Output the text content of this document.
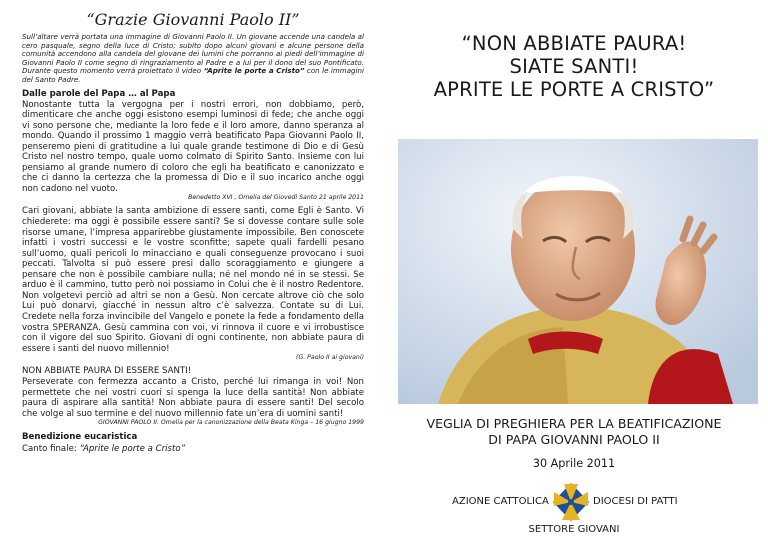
“Grazie Giovanni Paolo II”

Sull’altare verrà portata una immagine di Giovanni Paolo II. Un giovane accende una candela al cero pasquale, segno della luce di Cristo; subito dopo alcuni giovani e alcune persone della comunità accendono alla candela del giovane dei lumini che porranno ai piedi dell’immagine di Giovanni Paolo II come segno di ringraziamento al Padre e a lui per il dono del suo Pontificato. Durante questo momento verrà proiettato il video “Aprite le porte a Cristo” con le immagini del Santo Padre.

Dalle parole del Papa … al Papa

Nonostante tutta la vergogna per i nostri errori, non dobbiamo, però, dimenticare che anche oggi esistono esempi luminosi di fede; che anche oggi vi sono persone che, mediante la loro fede e il loro amore, danno speranza al mondo. Quando il prossimo 1 maggio verrà beatificato Papa Giovanni Paolo II, penseremo pieni di gratitudine a lui quale grande testimone di Dio e di Gesù Cristo nel nostro tempo, quale uomo colmato di Spirito Santo. Insieme con lui pensiamo al grande numero di coloro che egli ha beatificato e canonizzato e che ci danno la certezza che la promessa di Dio e il suo incarico anche oggi non cadono nel vuoto.

Benedetto XVI , Omelia del Giovedì Santo 21 aprile 2011

Cari giovani, abbiate la santa ambizione di essere santi, come Egli è Santo. Vi chiederete: ma oggi è possibile essere santi? Se si dovesse contare sulle sole risorse umane, l’impresa apparirebbe giustamente impossibile. Ben conoscete infatti i vostri successi e le vostre sconfitte; sapete quali fardelli pesano sull’uomo, quali pericoli lo minacciano e quali conseguenze provocano i suoi peccati. Talvolta si può essere presi dallo scoraggiamento e giungere a pensare che non è possibile cambiare nulla; né nel mondo né in se stessi. Se arduo è il cammino, tutto però noi possiamo in Colui che è il nostro Redentore. Non volgetevi perciò ad altri se non a Gesù. Non cercate altrove ciò che solo Lui può donarvi, giacché in nessun altro c’è salvezza. Contate su di Lui. Credete nella forza invincibile del Vangelo e ponete la fede a fondamento della vostra SPERANZA. Gesù cammina con voi, vi rinnova il cuore e vi irrobustisce con il vigore del suo Spirito. Giovani di ogni continente, non abbiate paura di essere i santi del nuovo millennio!

(G. Paolo II ai giovani)

NON ABBIATE PAURA DI ESSERE SANTI!

Perseverate con fermezza accanto a Cristo, perché lui rimanga in voi! Non permettete che nei vostri cuori si spenga la luce della santità! Non abbiate paura di aspirare alla santità! Non abbiate paura di essere santi! Del secolo che volge al suo termine e del nuovo millennio fate un’era di uomini santi!

GIOVANNI PAOLO II. Omelia per la canonizzazione della Beata Kinga – 16 giugno 1999

Benedizione eucaristica
Canto finale: “Aprite le porte a Cristo”
“NON ABBIATE PAURA!
SIATE SANTI!
APRITE LE PORTE A CRISTO”
VEGLIA DI PREGHIERA PER LA BEATIFICAZIONE
DI PAPA GIOVANNI PAOLO II
30 Aprile 2011
AZIONE CATTOLICA	DIOCESI DI PATTI
SETTORE GIOVANI
